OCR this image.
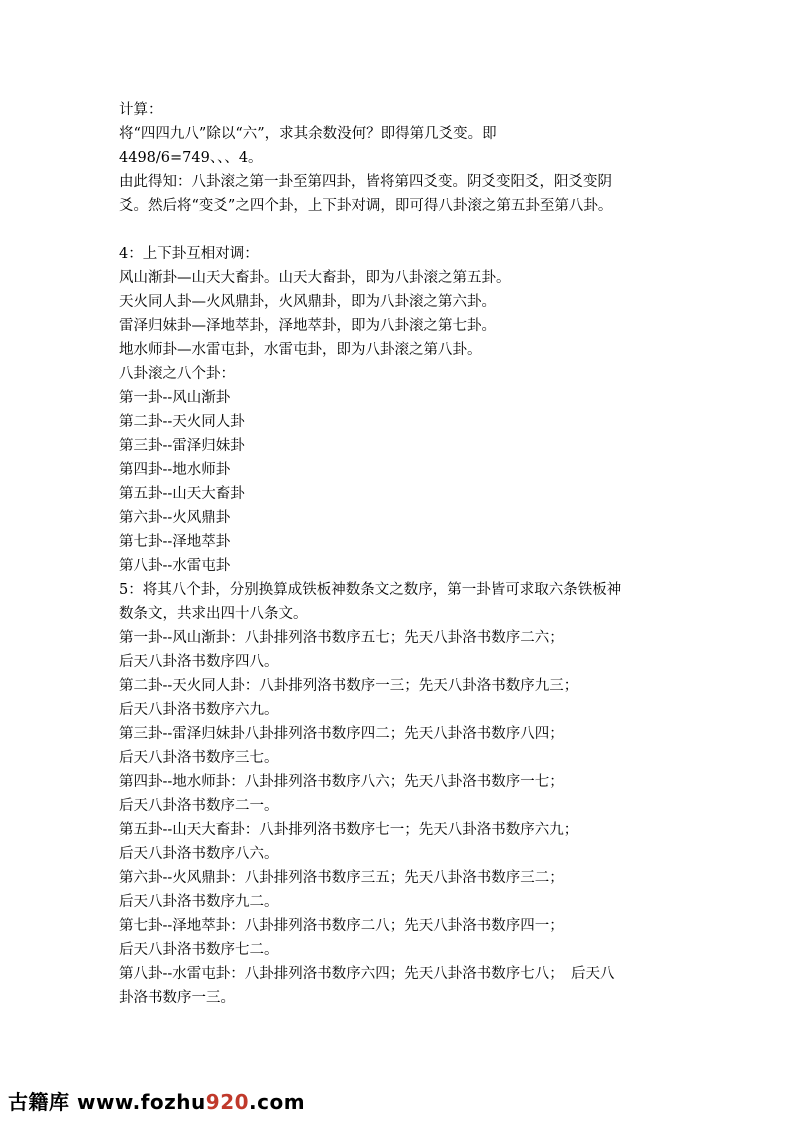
计算：
将“四四九八”除以“六”，求其余数没何？即得第几爻变。即
4498/6=749、、、4。
由此得知：八卦滚之第一卦至第四卦，皆将第四爻变。阴爻变阳爻，阳爻变阴
爻。然后将“变爻”之四个卦，上下卦对调，即可得八卦滚之第五卦至第八卦。
4：上下卦互相对调：
风山渐卦—山天大畜卦。山天大畜卦，即为八卦滚之第五卦。
天火同人卦—火风鼎卦，火风鼎卦，即为八卦滚之第六卦。
雷泽归妹卦—泽地萃卦，泽地萃卦，即为八卦滚之第七卦。
地水师卦—水雷屯卦，水雷屯卦，即为八卦滚之第八卦。
八卦滚之八个卦：
第一卦--风山渐卦
第二卦--天火同人卦
第三卦--雷泽归妹卦
第四卦--地水师卦
第五卦--山天大畜卦
第六卦--火风鼎卦
第七卦--泽地萃卦
第八卦--水雷屯卦
5：将其八个卦，分别换算成铁板神数条文之数序，第一卦皆可求取六条铁板神
数条文，共求出四十八条文。
第一卦--风山渐卦：八卦排列洛书数序五七；先天八卦洛书数序二六；
后天八卦洛书数序四八。
第二卦--天火同人卦：八卦排列洛书数序一三；先天八卦洛书数序九三；
后天八卦洛书数序六九。
第三卦--雷泽归妹卦八卦排列洛书数序四二；先天八卦洛书数序八四；
后天八卦洛书数序三七。
第四卦--地水师卦：八卦排列洛书数序八六；先天八卦洛书数序一七；
后天八卦洛书数序二一。
第五卦--山天大畜卦：八卦排列洛书数序七一；先天八卦洛书数序六九；
后天八卦洛书数序八六。
第六卦--火风鼎卦：八卦排列洛书数序三五；先天八卦洛书数序三二；
后天八卦洛书数序九二。
第七卦--泽地萃卦：八卦排列洛书数序二八；先天八卦洛书数序四一；
后天八卦洛书数序七二。
第八卦--水雷屯卦：八卦排列洛书数序六四；先天八卦洛书数序七八；　后天八
卦洛书数序一三。
古籍库 www.fozhu920.com
